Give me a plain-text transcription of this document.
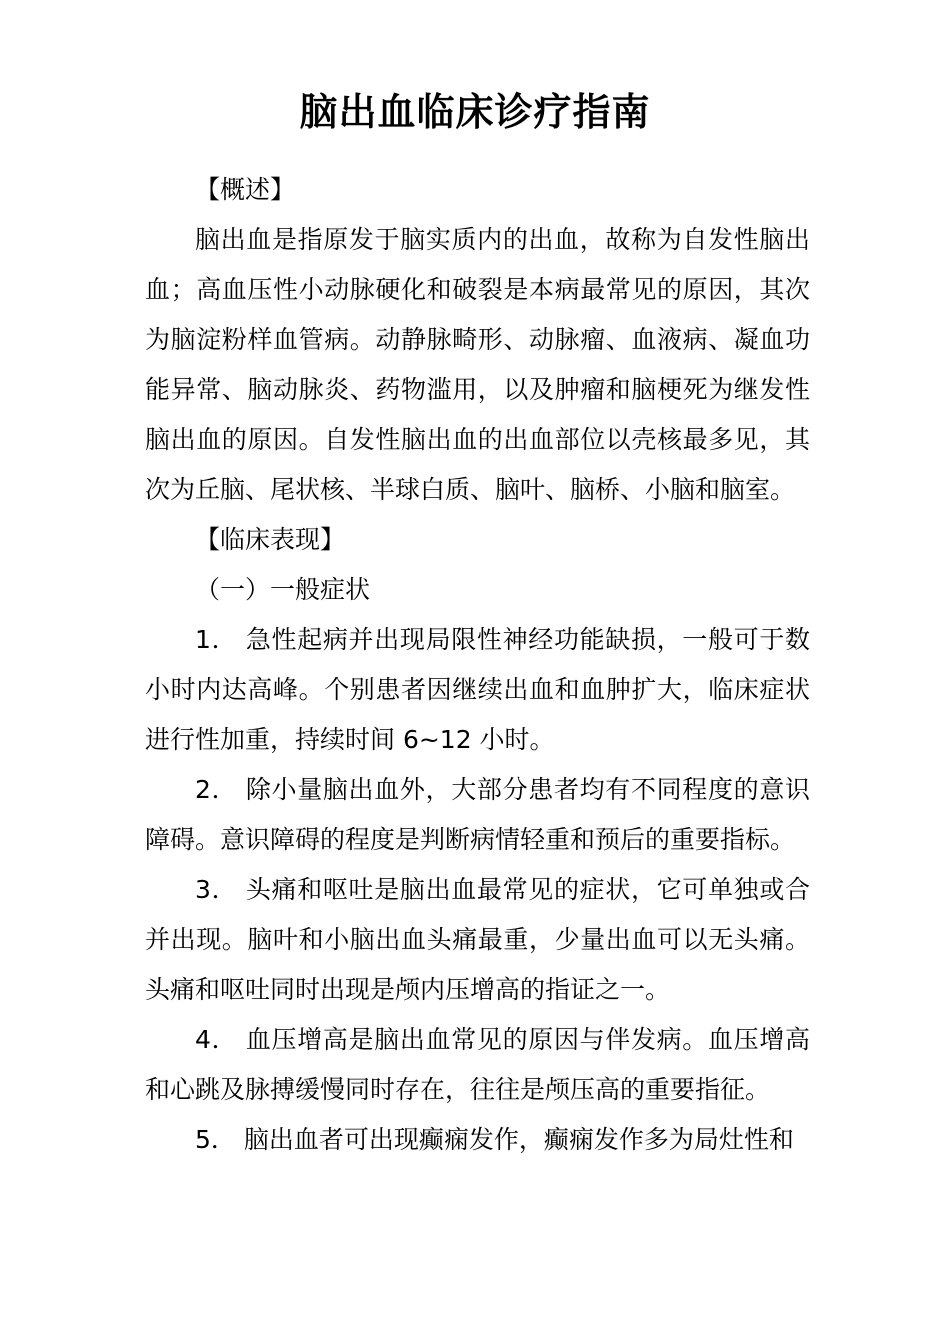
脑出血临床诊疗指南

【概述】

脑出血是指原发于脑实质内的出血，故称为自发性脑出血；高血压性小动脉硬化和破裂是本病最常见的原因，其次为脑淀粉样血管病。动静脉畸形、动脉瘤、血液病、凝血功能异常、脑动脉炎、药物滥用，以及肿瘤和脑梗死为继发性脑出血的原因。自发性脑出血的出血部位以壳核最多见，其次为丘脑、尾状核、半球白质、脑叶、脑桥、小脑和脑室。

【临床表现】

（一）一般症状

1． 急性起病并出现局限性神经功能缺损，一般可于数小时内达高峰。个别患者因继续出血和血肿扩大，临床症状进行性加重，持续时间 6~12 小时。

2． 除小量脑出血外，大部分患者均有不同程度的意识障碍。意识障碍的程度是判断病情轻重和预后的重要指标。

3． 头痛和呕吐是脑出血最常见的症状，它可单独或合并出现。脑叶和小脑出血头痛最重，少量出血可以无头痛。头痛和呕吐同时出现是颅内压增高的指证之一。

4． 血压增高是脑出血常见的原因与伴发病。血压增高和心跳及脉搏缓慢同时存在，往往是颅压高的重要指征。

5． 脑出血者可出现癫痫发作，癫痫发作多为局灶性和
